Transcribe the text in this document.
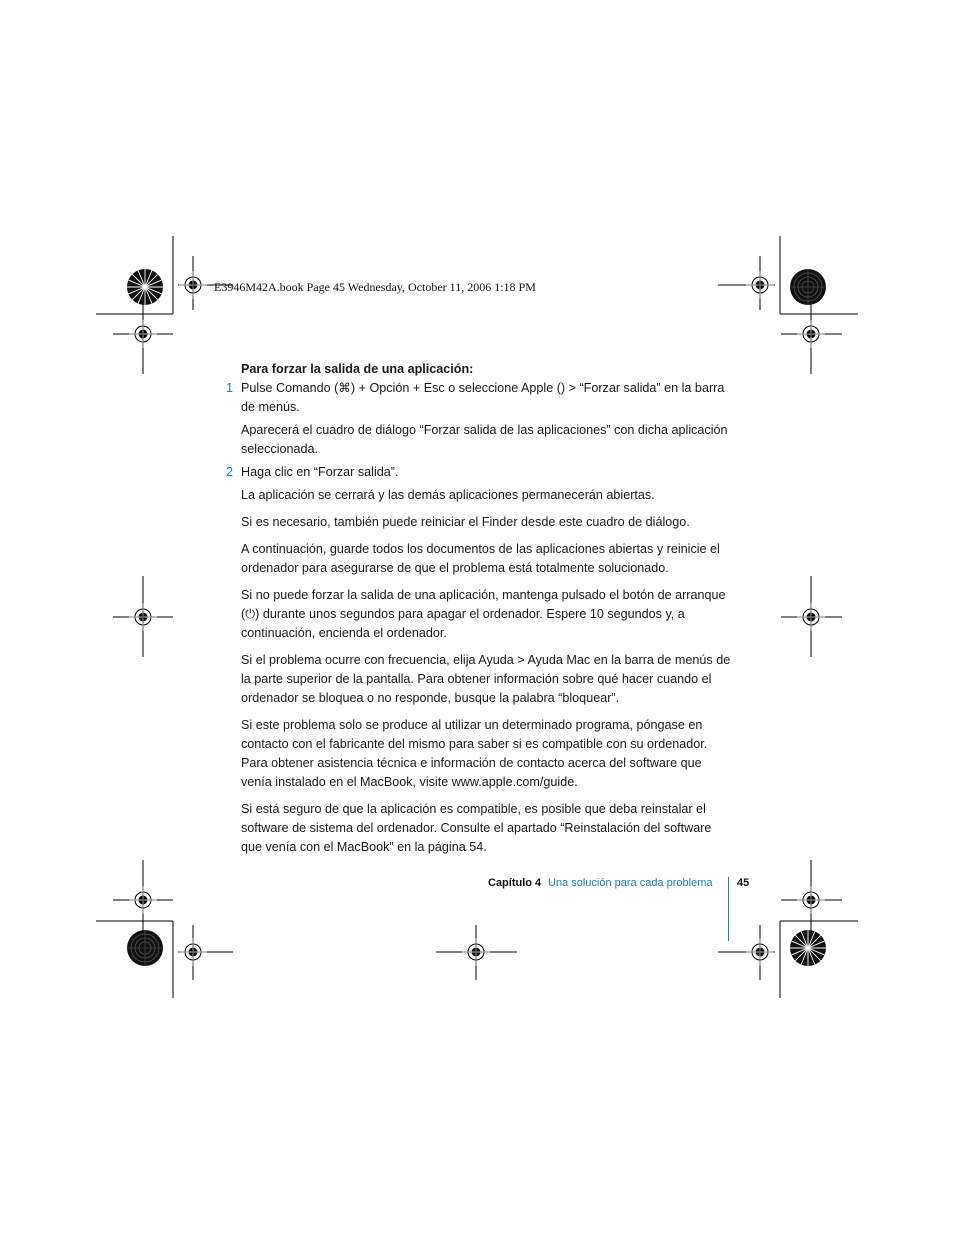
E3946M42A.book Page 45 Wednesday, October 11, 2006 1:18 PM

Para forzar la salida de una aplicación:

1 Pulse Comando (⌘) + Opción + Esc o seleccione Apple () > “Forzar salida” en la barra de menús.

Aparecerá el cuadro de diálogo “Forzar salida de las aplicaciones” con dicha aplicación seleccionada.

2 Haga clic en “Forzar salida”.

La aplicación se cerrará y las demás aplicaciones permanecerán abiertas.

Si es necesario, también puede reiniciar el Finder desde este cuadro de diálogo.

A continuación, guarde todos los documentos de las aplicaciones abiertas y reinicie el ordenador para asegurarse de que el problema está totalmente solucionado.

Si no puede forzar la salida de una aplicación, mantenga pulsado el botón de arranque (⏻) durante unos segundos para apagar el ordenador. Espere 10 segundos y, a continuación, encienda el ordenador.

Si el problema ocurre con frecuencia, elija Ayuda > Ayuda Mac en la barra de menús de la parte superior de la pantalla. Para obtener información sobre qué hacer cuando el ordenador se bloquea o no responde, busque la palabra “bloquear”.

Si este problema solo se produce al utilizar un determinado programa, póngase en contacto con el fabricante del mismo para saber si es compatible con su ordenador. Para obtener asistencia técnica e información de contacto acerca del software que venía instalado en el MacBook, visite www.apple.com/guide.

Si está seguro de que la aplicación es compatible, es posible que deba reinstalar el software de sistema del ordenador. Consulte el apartado “Reinstalación del software que venía con el MacBook” en la página 54.

Capítulo 4 Una solución para cada problema 45
